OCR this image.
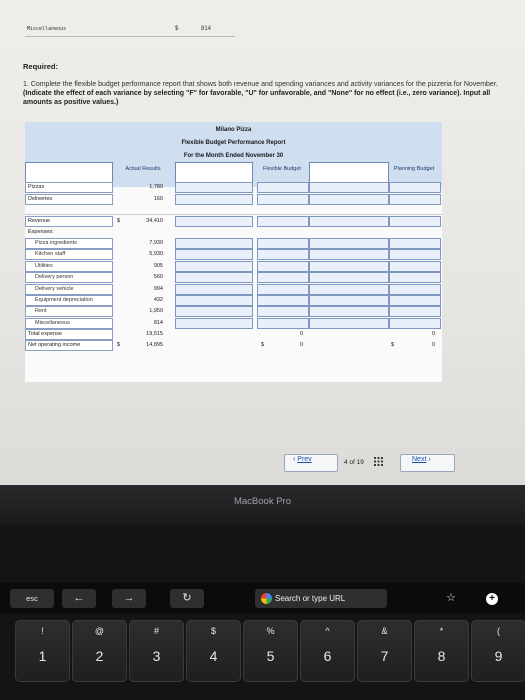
Miscellaneous	$	814
Required:
1. Complete the flexible budget performance report that shows both revenue and spending variances and activity variances for the pizzeria for November. (Indicate the effect of each variance by selecting "F" for favorable, "U" for unfavorable, and "None" for no effect (i.e., zero variance). Input all amounts as positive values.)
Milano Pizza
Flexible Budget Performance Report
For the Month Ended November 30
Actual Results	Flexible Budget	Planning Budget
Pizzas	1,780
Deliveries	160
Revenue	$	34,410
Expenses:
Pizza ingredients	7,930
Kitchen staff	5,930
Utilities	905
Delivery person	560
Delivery vehicle	994
Equipment depreciation	432
Rent	1,950
Miscellaneous	814
Total expense	19,515	0	0
Net operating income	$	14,895	$	0	$	0
‹ Prev	4 of 19	Next ›
MacBook Pro
esc	←	→	↻	Search or type URL	☆	+
!
1
@
2
#
3
$
4
%
5
^
6
&
7
*
8
(
9
